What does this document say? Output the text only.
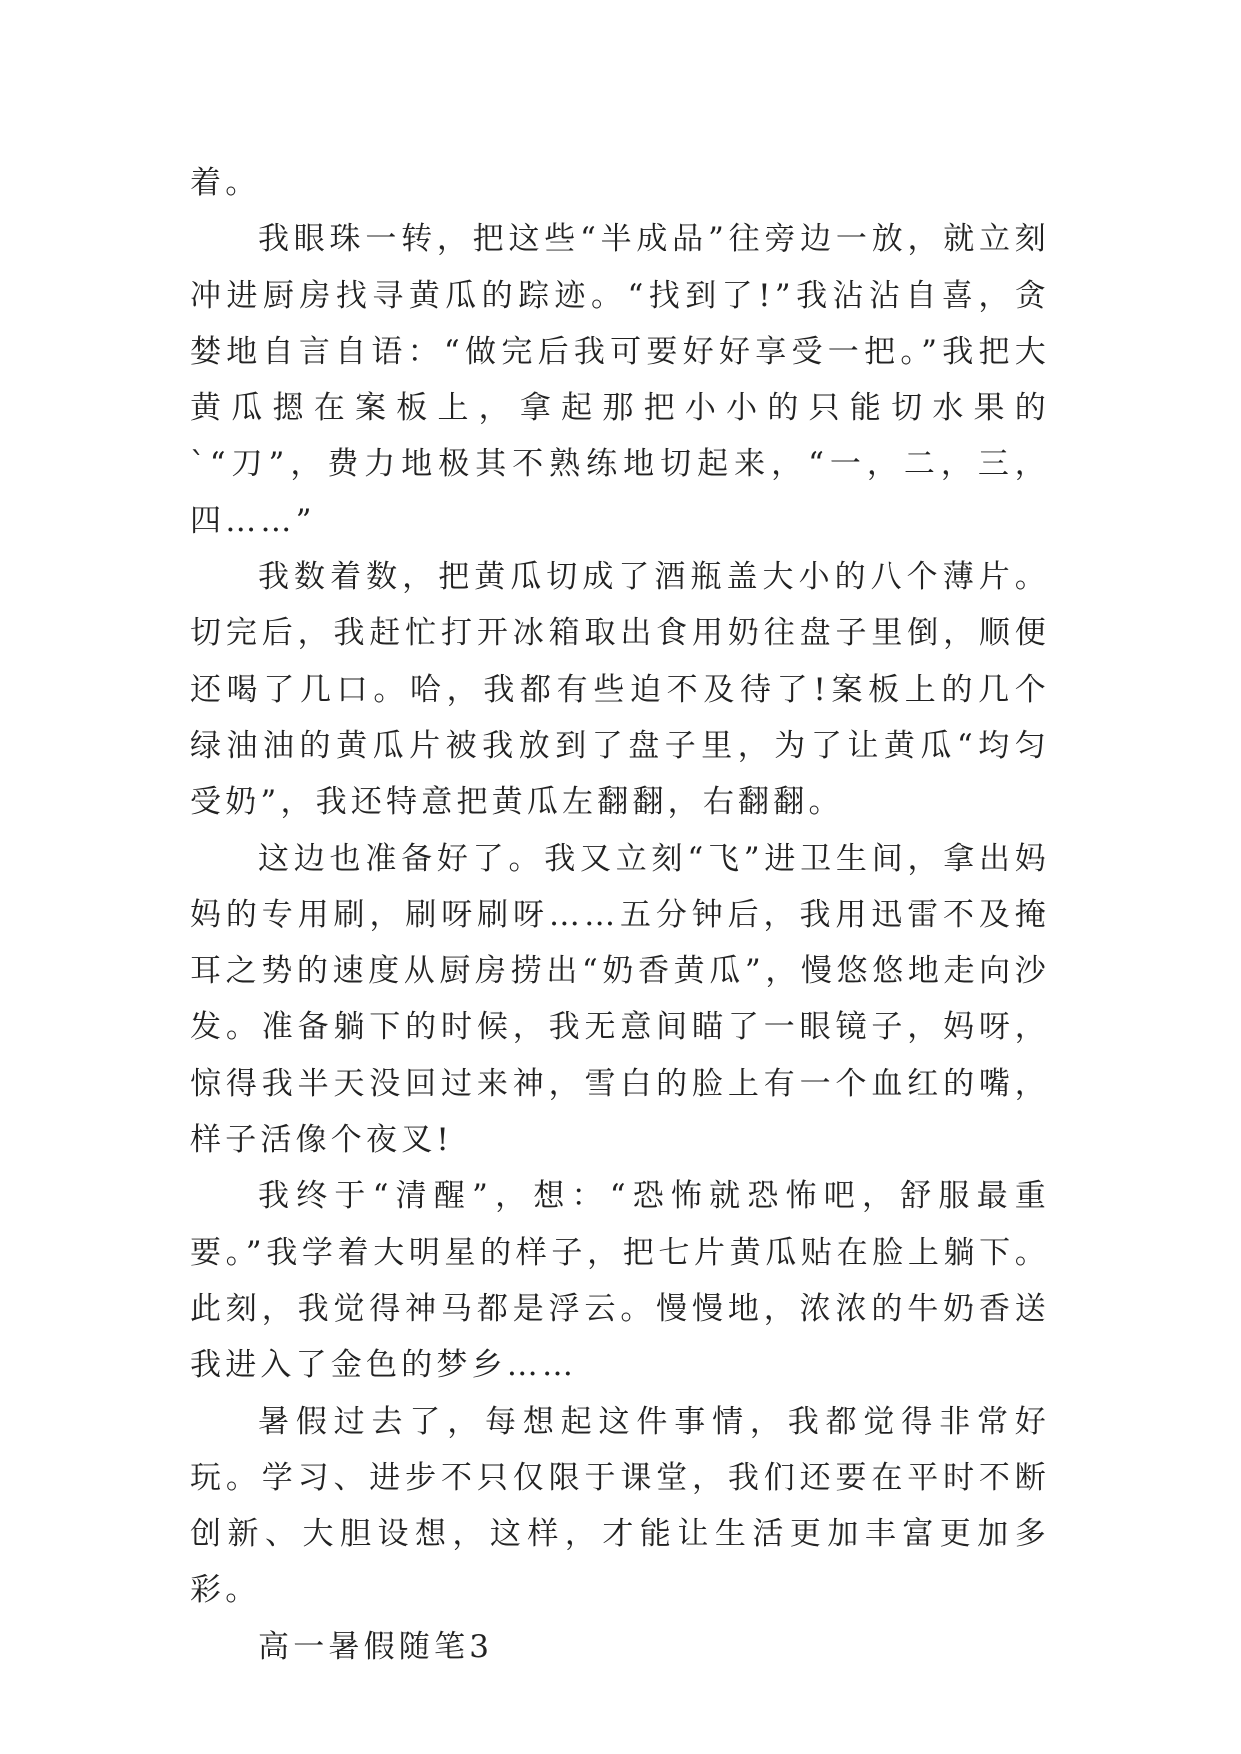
着。

我眼珠一转，把这些“半成品”往旁边一放，就立刻冲进厨房找寻黄瓜的踪迹。“找到了!”我沾沾自喜，贪婪地自言自语：“做完后我可要好好享受一把。”我把大黄瓜摁在案板上，拿起那把小小的只能切水果的`“刀”，费力地极其不熟练地切起来，“一，二，三，四……”

我数着数，把黄瓜切成了酒瓶盖大小的八个薄片。切完后，我赶忙打开冰箱取出食用奶往盘子里倒，顺便还喝了几口。哈，我都有些迫不及待了!案板上的几个绿油油的黄瓜片被我放到了盘子里，为了让黄瓜“均匀受奶”，我还特意把黄瓜左翻翻，右翻翻。

这边也准备好了。我又立刻“飞”进卫生间，拿出妈妈的专用刷，刷呀刷呀……五分钟后，我用迅雷不及掩耳之势的速度从厨房捞出“奶香黄瓜”，慢悠悠地走向沙发。准备躺下的时候，我无意间瞄了一眼镜子，妈呀，惊得我半天没回过来神，雪白的脸上有一个血红的嘴，样子活像个夜叉!

我终于“清醒”，想：“恐怖就恐怖吧，舒服最重要。”我学着大明星的样子，把七片黄瓜贴在脸上躺下。此刻，我觉得神马都是浮云。慢慢地，浓浓的牛奶香送我进入了金色的梦乡……

暑假过去了，每想起这件事情，我都觉得非常好玩。学习、进步不只仅限于课堂，我们还要在平时不断创新、大胆设想，这样，才能让生活更加丰富更加多彩。

高一暑假随笔3
